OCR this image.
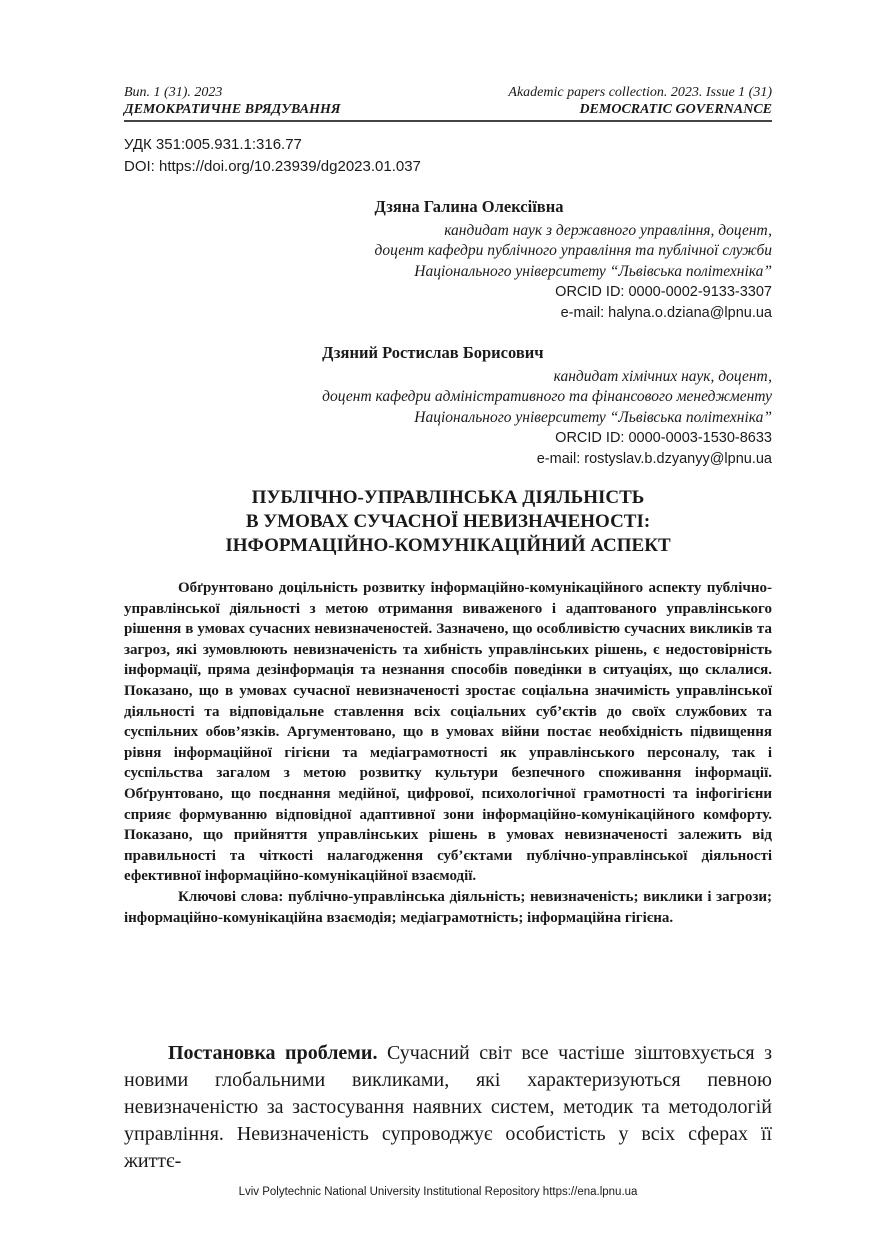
Вип. 1 (31). 2023	Akademic papers collection. 2023. Issue 1 (31)
ДЕМОКРАТИЧНЕ ВРЯДУВАННЯ	DEMOCRATIC GOVERNANCE
УДК 351:005.931.1:316.77
DOI: https://doi.org/10.23939/dg2023.01.037
Дзяна Галина Олексіївна
кандидат наук з державного управління, доцент,
доцент кафедри публічного управління та публічної служби
Національного університету “Львівська політехніка”
ORCID ID: 0000-0002-9133-3307
e-mail: halyna.o.dziana@lpnu.ua
Дзяний Ростислав Борисович
кандидат хімічних наук, доцент,
доцент кафедри адміністративного та фінансового менеджменту
Національного університету “Львівська політехніка”
ORCID ID: 0000-0003-1530-8633
e-mail: rostyslav.b.dzyanyy@lpnu.ua
ПУБЛІЧНО-УПРАВЛІНСЬКА ДІЯЛЬНІСТЬ
В УМОВАХ СУЧАСНОЇ НЕВИЗНАЧЕНОСТІ:
ІНФОРМАЦІЙНО-КОМУНІКАЦІЙНИЙ АСПЕКТ

Обґрунтовано доцільність розвитку інформаційно-комунікаційного аспекту публічно-управлінської діяльності з метою отримання виваженого і адаптованого управлінського рішення в умовах сучасних невизначеностей. Зазначено, що особливістю сучасних викликів та загроз, які зумовлюють невизначеність та хибність управлінських рішень, є недостовірність інформації, пряма дезінформація та незнання способів поведінки в ситуаціях, що склалися. Показано, що в умовах сучасної невизначеності зростає соціальна значимість управлінської діяльності та відповідальне ставлення всіх соціальних суб’єктів до своїх службових та суспільних обов’язків. Аргументовано, що в умовах війни постає необхідність підвищення рівня інформаційної гігієни та медіаграмотності як управлінського персоналу, так і суспільства загалом з метою розвитку культури безпечного споживання інформації. Обґрунтовано, що поєднання медійної, цифрової, психологічної грамотності та інфогігієни сприяє формуванню відповідної адаптивної зони інформаційно-комунікаційного комфорту. Показано, що прийняття управлінських рішень в умовах невизначеності залежить від правильності та чіткості налагодження суб’єктами публічно-управлінської діяльності ефективної інформаційно-комунікаційної взаємодії.

Ключові слова: публічно-управлінська діяльність; невизначеність; виклики і загрози; інформаційно-комунікаційна взаємодія; медіаграмотність; інформаційна гігієна.

Постановка проблеми. Сучасний світ все частіше зіштовхується з новими глобальними викликами, які характеризуються певною невизначеністю за застосування наявних систем, методик та методологій управління. Невизначеність супроводжує особистість у всіх сферах її життє-

Lviv Polytechnic National University Institutional Repository https://ena.lpnu.ua
